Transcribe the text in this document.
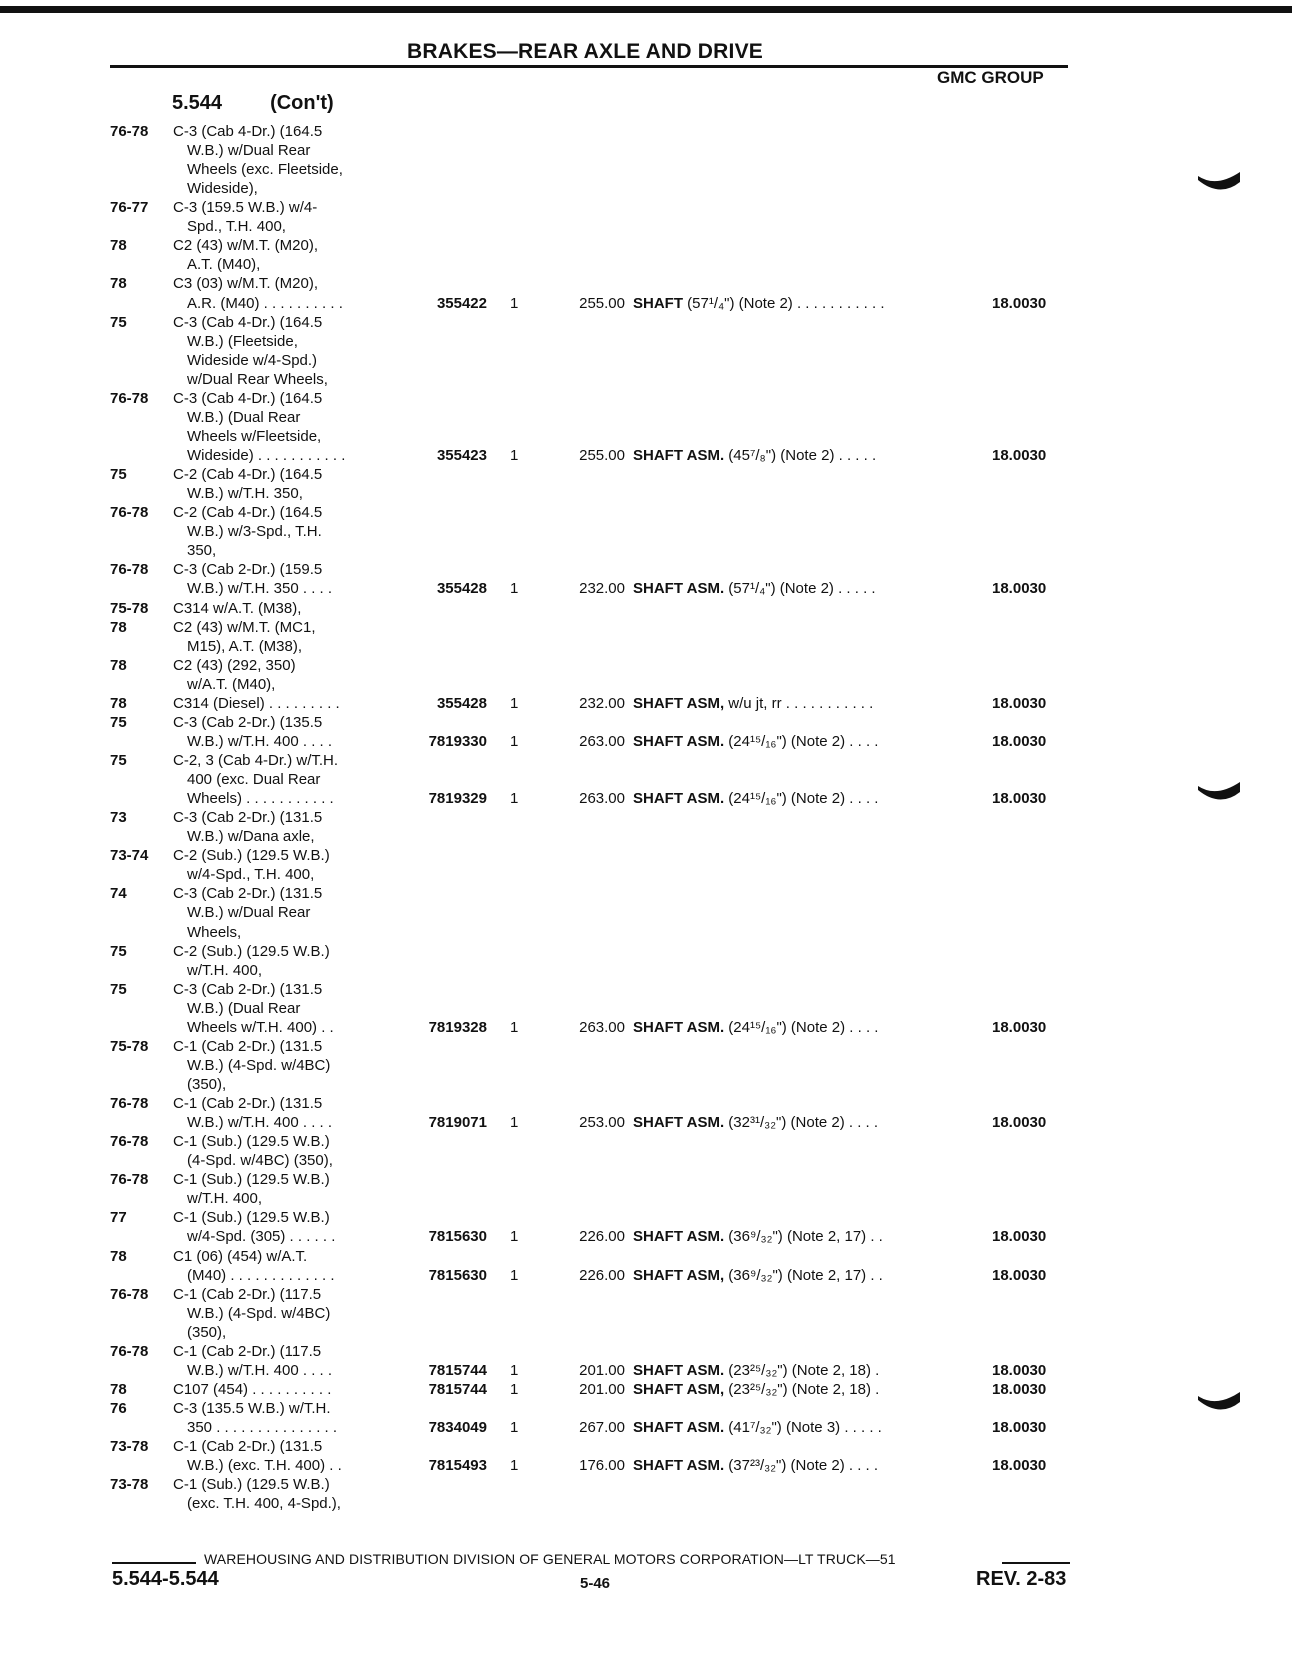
BRAKES—REAR AXLE AND DRIVE
GMC GROUP
5.544 (Con't)
76-78 C-3 (Cab 4-Dr.) (164.5
W.B.) w/Dual Rear
Wheels (exc. Fleetside,
Wideside),
76-77 C-3 (159.5 W.B.) w/4-
Spd., T.H. 400,
78	C2 (43) w/M.T. (M20),
A.T. (M40),
78	C3 (03) w/M.T. (M20),
A.R. (M40) . . . . . . . . . .	355422 1	255.00 SHAFT (57¹/₄") (Note 2) . . . . . . . . . . .	18.0030
75	C-3 (Cab 4-Dr.) (164.5
W.B.) (Fleetside,
Wideside w/4-Spd.)
w/Dual Rear Wheels,
76-78 C-3 (Cab 4-Dr.) (164.5
W.B.) (Dual Rear
Wheels w/Fleetside,
Wideside) . . . . . . . . . . .	355423 1	255.00 SHAFT ASM. (45⁷/₈") (Note 2) . . . . .	18.0030
75	C-2 (Cab 4-Dr.) (164.5
W.B.) w/T.H. 350,
76-78 C-2 (Cab 4-Dr.) (164.5
W.B.) w/3-Spd., T.H.
350,
76-78 C-3 (Cab 2-Dr.) (159.5
W.B.) w/T.H. 350 . . . .	355428 1	232.00 SHAFT ASM. (57¹/₄") (Note 2) . . . . .	18.0030
75-78 C314 w/A.T. (M38),
78	C2 (43) w/M.T. (MC1,
M15), A.T. (M38),
78	C2 (43) (292, 350)
w/A.T. (M40),
78	C314 (Diesel) . . . . . . . . .	355428 1	232.00 SHAFT ASM, w/u jt, rr . . . . . . . . . . .	18.0030
75	C-3 (Cab 2-Dr.) (135.5
W.B.) w/T.H. 400 . . . .	7819330 1	263.00 SHAFT ASM. (24¹⁵/₁₆") (Note 2) . . . .	18.0030
75	C-2, 3 (Cab 4-Dr.) w/T.H.
400 (exc. Dual Rear
Wheels) . . . . . . . . . . .	7819329 1	263.00 SHAFT ASM. (24¹⁵/₁₆") (Note 2) . . . .	18.0030
73	C-3 (Cab 2-Dr.) (131.5
W.B.) w/Dana axle,
73-74 C-2 (Sub.) (129.5 W.B.)
w/4-Spd., T.H. 400,
74	C-3 (Cab 2-Dr.) (131.5
W.B.) w/Dual Rear
Wheels,
75	C-2 (Sub.) (129.5 W.B.)
w/T.H. 400,
75	C-3 (Cab 2-Dr.) (131.5
W.B.) (Dual Rear
Wheels w/T.H. 400) . .	7819328 1	263.00 SHAFT ASM. (24¹⁵/₁₆") (Note 2) . . . .	18.0030
75-78 C-1 (Cab 2-Dr.) (131.5
W.B.) (4-Spd. w/4BC)
(350),
76-78 C-1 (Cab 2-Dr.) (131.5
W.B.) w/T.H. 400 . . . .	7819071 1	253.00 SHAFT ASM. (32³¹/₃₂") (Note 2) . . . .	18.0030
76-78 C-1 (Sub.) (129.5 W.B.)
(4-Spd. w/4BC) (350),
76-78 C-1 (Sub.) (129.5 W.B.)
w/T.H. 400,
77	C-1 (Sub.) (129.5 W.B.)
w/4-Spd. (305) . . . . . .	7815630 1	226.00 SHAFT ASM. (36⁹/₃₂") (Note 2, 17) . .	18.0030
78	C1 (06) (454) w/A.T.
(M40) . . . . . . . . . . . . .	7815630 1	226.00 SHAFT ASM, (36⁹/₃₂") (Note 2, 17) . .	18.0030
76-78 C-1 (Cab 2-Dr.) (117.5
W.B.) (4-Spd. w/4BC)
(350),
76-78 C-1 (Cab 2-Dr.) (117.5
W.B.) w/T.H. 400 . . . .	7815744 1	201.00 SHAFT ASM. (23²⁵/₃₂") (Note 2, 18) .	18.0030
78	C107 (454) . . . . . . . . . .	7815744 1	201.00 SHAFT ASM, (23²⁵/₃₂") (Note 2, 18) .	18.0030
76	C-3 (135.5 W.B.) w/T.H.
350 . . . . . . . . . . . . . . .	7834049 1	267.00 SHAFT ASM. (41⁷/₃₂") (Note 3) . . . . .	18.0030
73-78 C-1 (Cab 2-Dr.) (131.5
W.B.) (exc. T.H. 400) . .	7815493 1	176.00 SHAFT ASM. (37²³/₃₂") (Note 2) . . . .	18.0030
73-78 C-1 (Sub.) (129.5 W.B.)
(exc. T.H. 400, 4-Spd.),
WAREHOUSING AND DISTRIBUTION DIVISION OF GENERAL MOTORS CORPORATION—LT TRUCK—51
5.544-5.544	5-46	REV. 2-83
